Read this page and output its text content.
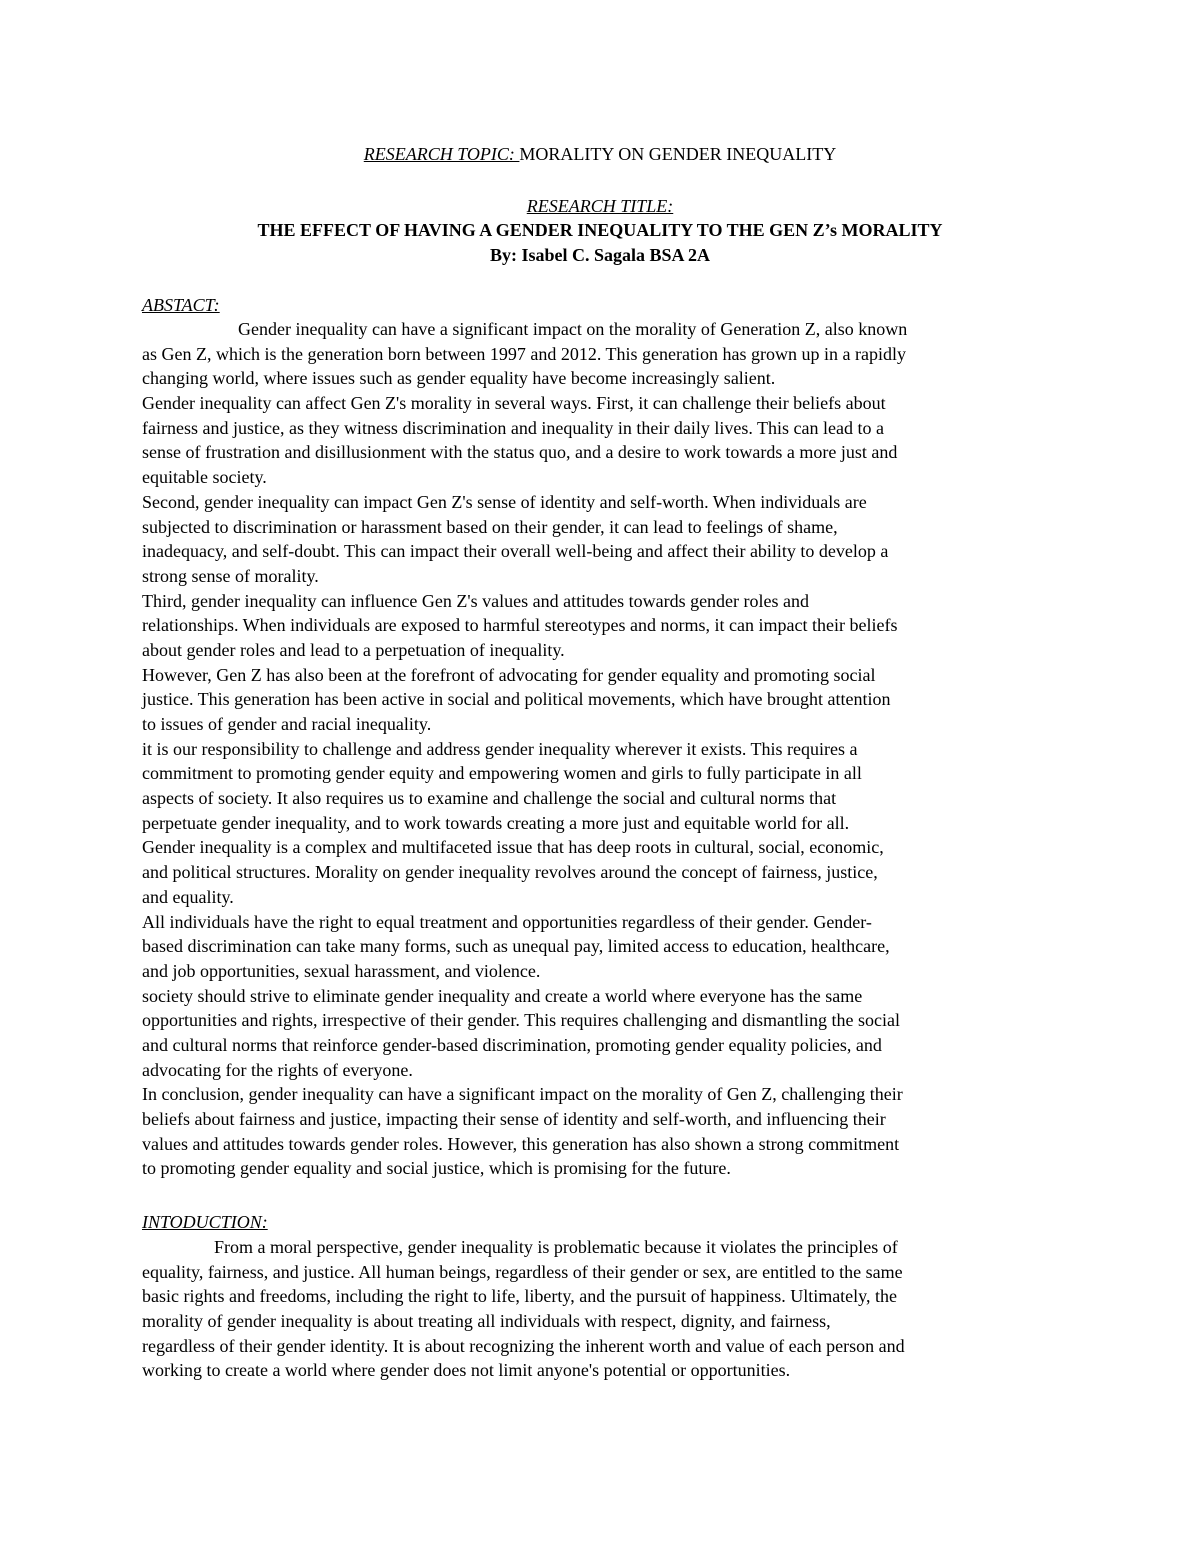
RESEARCH TOPIC: MORALITY ON GENDER INEQUALITY
RESEARCH TITLE:
THE EFFECT OF HAVING A GENDER INEQUALITY TO THE GEN Z’s MORALITY
By: Isabel C. Sagala BSA 2A
ABSTACT:
Gender inequality can have a significant impact on the morality of Generation Z, also known
as Gen Z, which is the generation born between 1997 and 2012. This generation has grown up in a rapidly
changing world, where issues such as gender equality have become increasingly salient.
Gender inequality can affect Gen Z's morality in several ways. First, it can challenge their beliefs about
fairness and justice, as they witness discrimination and inequality in their daily lives. This can lead to a
sense of frustration and disillusionment with the status quo, and a desire to work towards a more just and
equitable society.
Second, gender inequality can impact Gen Z's sense of identity and self-worth. When individuals are
subjected to discrimination or harassment based on their gender, it can lead to feelings of shame,
inadequacy, and self-doubt. This can impact their overall well-being and affect their ability to develop a
strong sense of morality.
Third, gender inequality can influence Gen Z's values and attitudes towards gender roles and
relationships. When individuals are exposed to harmful stereotypes and norms, it can impact their beliefs
about gender roles and lead to a perpetuation of inequality.
However, Gen Z has also been at the forefront of advocating for gender equality and promoting social
justice. This generation has been active in social and political movements, which have brought attention
to issues of gender and racial inequality.
it is our responsibility to challenge and address gender inequality wherever it exists. This requires a
commitment to promoting gender equity and empowering women and girls to fully participate in all
aspects of society. It also requires us to examine and challenge the social and cultural norms that
perpetuate gender inequality, and to work towards creating a more just and equitable world for all.
Gender inequality is a complex and multifaceted issue that has deep roots in cultural, social, economic,
and political structures. Morality on gender inequality revolves around the concept of fairness, justice,
and equality.
All individuals have the right to equal treatment and opportunities regardless of their gender. Gender-
based discrimination can take many forms, such as unequal pay, limited access to education, healthcare,
and job opportunities, sexual harassment, and violence.
society should strive to eliminate gender inequality and create a world where everyone has the same
opportunities and rights, irrespective of their gender. This requires challenging and dismantling the social
and cultural norms that reinforce gender-based discrimination, promoting gender equality policies, and
advocating for the rights of everyone.
In conclusion, gender inequality can have a significant impact on the morality of Gen Z, challenging their
beliefs about fairness and justice, impacting their sense of identity and self-worth, and influencing their
values and attitudes towards gender roles. However, this generation has also shown a strong commitment
to promoting gender equality and social justice, which is promising for the future.
INTODUCTION:
From a moral perspective, gender inequality is problematic because it violates the principles of
equality, fairness, and justice. All human beings, regardless of their gender or sex, are entitled to the same
basic rights and freedoms, including the right to life, liberty, and the pursuit of happiness. Ultimately, the
morality of gender inequality is about treating all individuals with respect, dignity, and fairness,
regardless of their gender identity. It is about recognizing the inherent worth and value of each person and
working to create a world where gender does not limit anyone's potential or opportunities.
